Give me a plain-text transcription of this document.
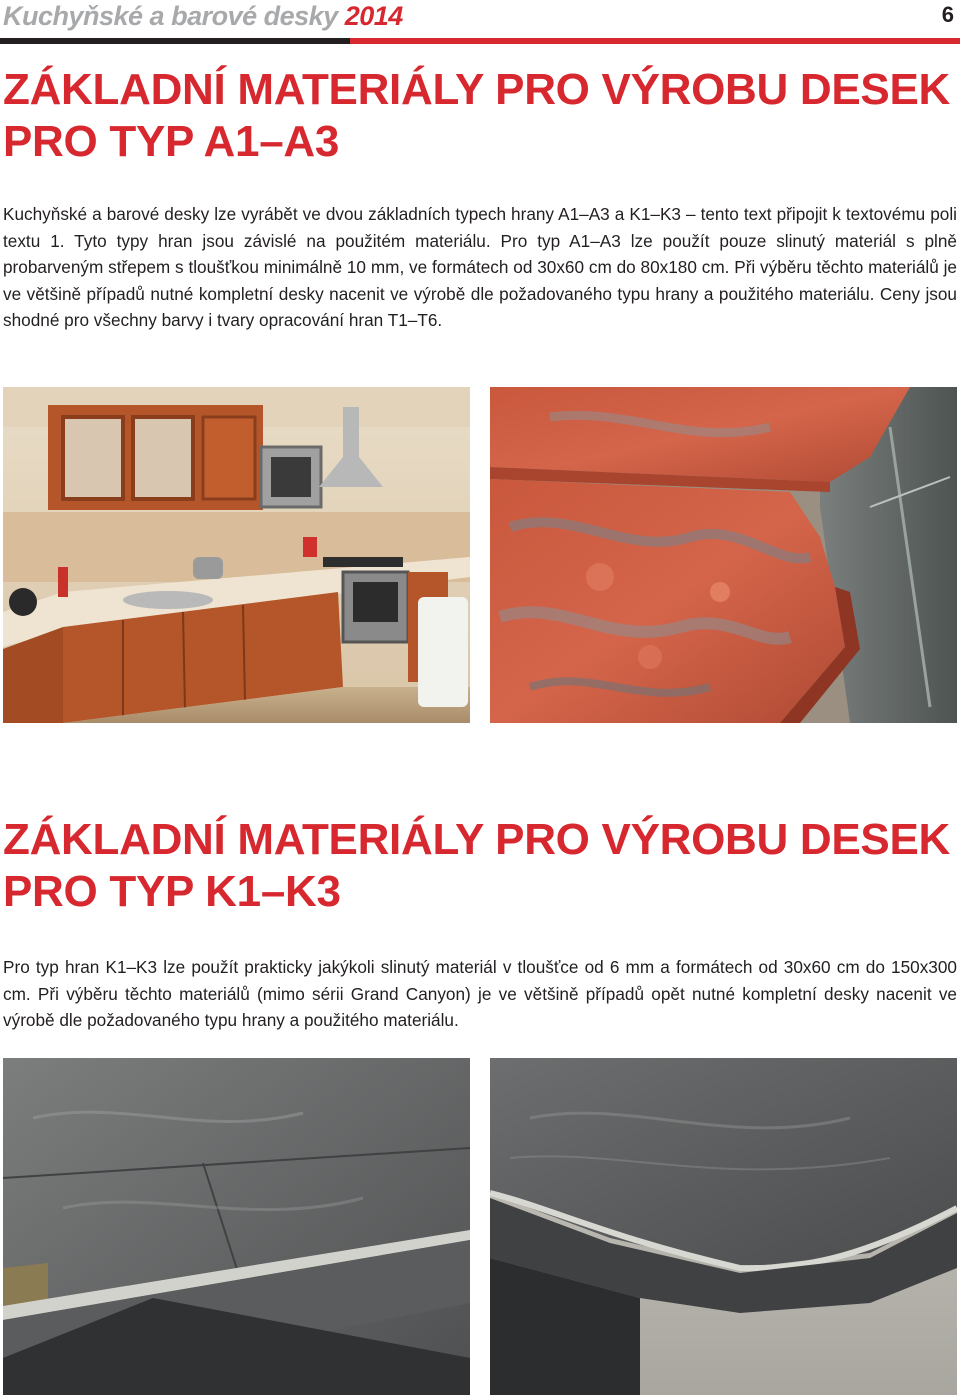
Kuchyňské a barové desky 2014	6
ZÁKLADNÍ MATERIÁLY PRO VÝROBU DESEK
PRO TYP A1–A3

Kuchyňské a barové desky lze vyrábět ve dvou základních typech hrany A1–A3 a K1–K3 – tento text připojit k textovému poli textu 1. Tyto typy hran jsou závislé na použitém materiálu. Pro typ A1–A3 lze použít pouze slinutý materiál s plně probarveným střepem s tloušťkou minimálně 10 mm, ve formátech od 30x60 cm do 80x180 cm. Při výběru těchto materiálů je ve většině případů nutné kompletní desky nacenit ve výrobě dle požadovaného typu hrany a použitého materiálu. Ceny jsou shodné pro všechny barvy i tvary opracování hran T1–T6.

ZÁKLADNÍ MATERIÁLY PRO VÝROBU DESEK
PRO TYP K1–K3

Pro typ hran K1–K3 lze použít prakticky jakýkoli slinutý materiál v tloušťce od 6 mm a formátech od 30x60 cm do 150x300 cm. Při výběru těchto materiálů (mimo sérii Grand Canyon) je ve většině případů opět nutné kompletní desky nacenit ve výrobě dle požadovaného typu hrany a použitého materiálu.
